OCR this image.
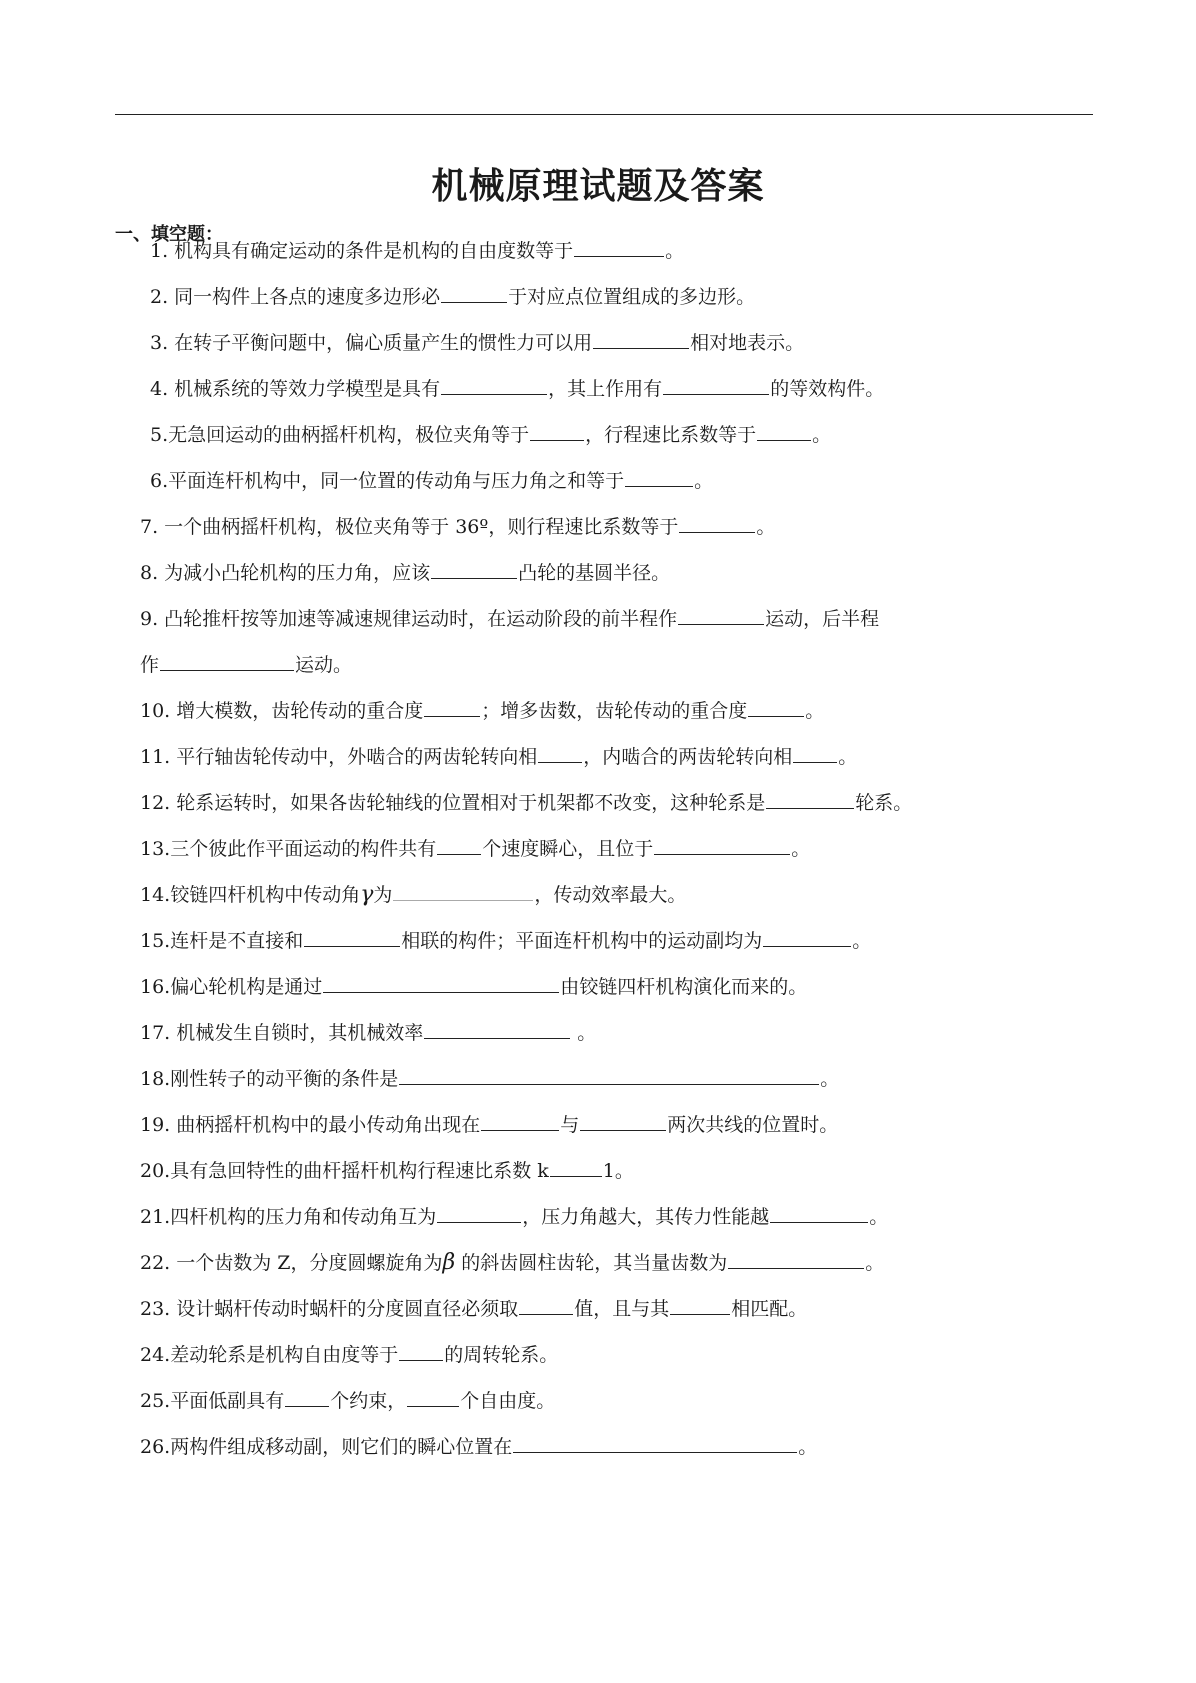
机械原理试题及答案
一、填空题：
1. 机构具有确定运动的条件是机构的自由度数等于	。
2. 同一构件上各点的速度多边形必	于对应点位置组成的多边形。
3. 在转子平衡问题中，偏心质量产生的惯性力可以用	相对地表示。
4. 机械系统的等效力学模型是具有	，其上作用有	的等效构件。
5.无急回运动的曲柄摇杆机构，极位夹角等于	，行程速比系数等于	。
6.平面连杆机构中，同一位置的传动角与压力角之和等于	。
7. 一个曲柄摇杆机构，极位夹角等于 36º，则行程速比系数等于	。
8. 为减小凸轮机构的压力角，应该	凸轮的基圆半径。
9. 凸轮推杆按等加速等减速规律运动时，在运动阶段的前半程作	运动，后半程
作	运动。
10. 增大模数，齿轮传动的重合度	；增多齿数，齿轮传动的重合度	。
11. 平行轴齿轮传动中，外啮合的两齿轮转向相 ，内啮合的两齿轮转向相 。
12. 轮系运转时，如果各齿轮轴线的位置相对于机架都不改变，这种轮系是	轮系。
13.三个彼此作平面运动的构件共有 个速度瞬心，且位于	。
14.铰链四杆机构中传动角γ为	，传动效率最大。
15.连杆是不直接和	相联的构件；平面连杆机构中的运动副均为	。
16.偏心轮机构是通过	由铰链四杆机构演化而来的。
17. 机械发生自锁时，其机械效率	。
18.刚性转子的动平衡的条件是	。
19. 曲柄摇杆机构中的最小传动角出现在	与	两次共线的位置时。
20.具有急回特性的曲杆摇杆机构行程速比系数 k	1。
21.四杆机构的压力角和传动角互为	，压力角越大，其传力性能越	。
22. 一个齿数为 Z，分度圆螺旋角为β 的斜齿圆柱齿轮，其当量齿数为	。
23. 设计蜗杆传动时蜗杆的分度圆直径必须取	值，且与其	相匹配。
24.差动轮系是机构自由度等于 的周转轮系。
25.平面低副具有 个约束，	个自由度。
26.两构件组成移动副，则它们的瞬心位置在	。
